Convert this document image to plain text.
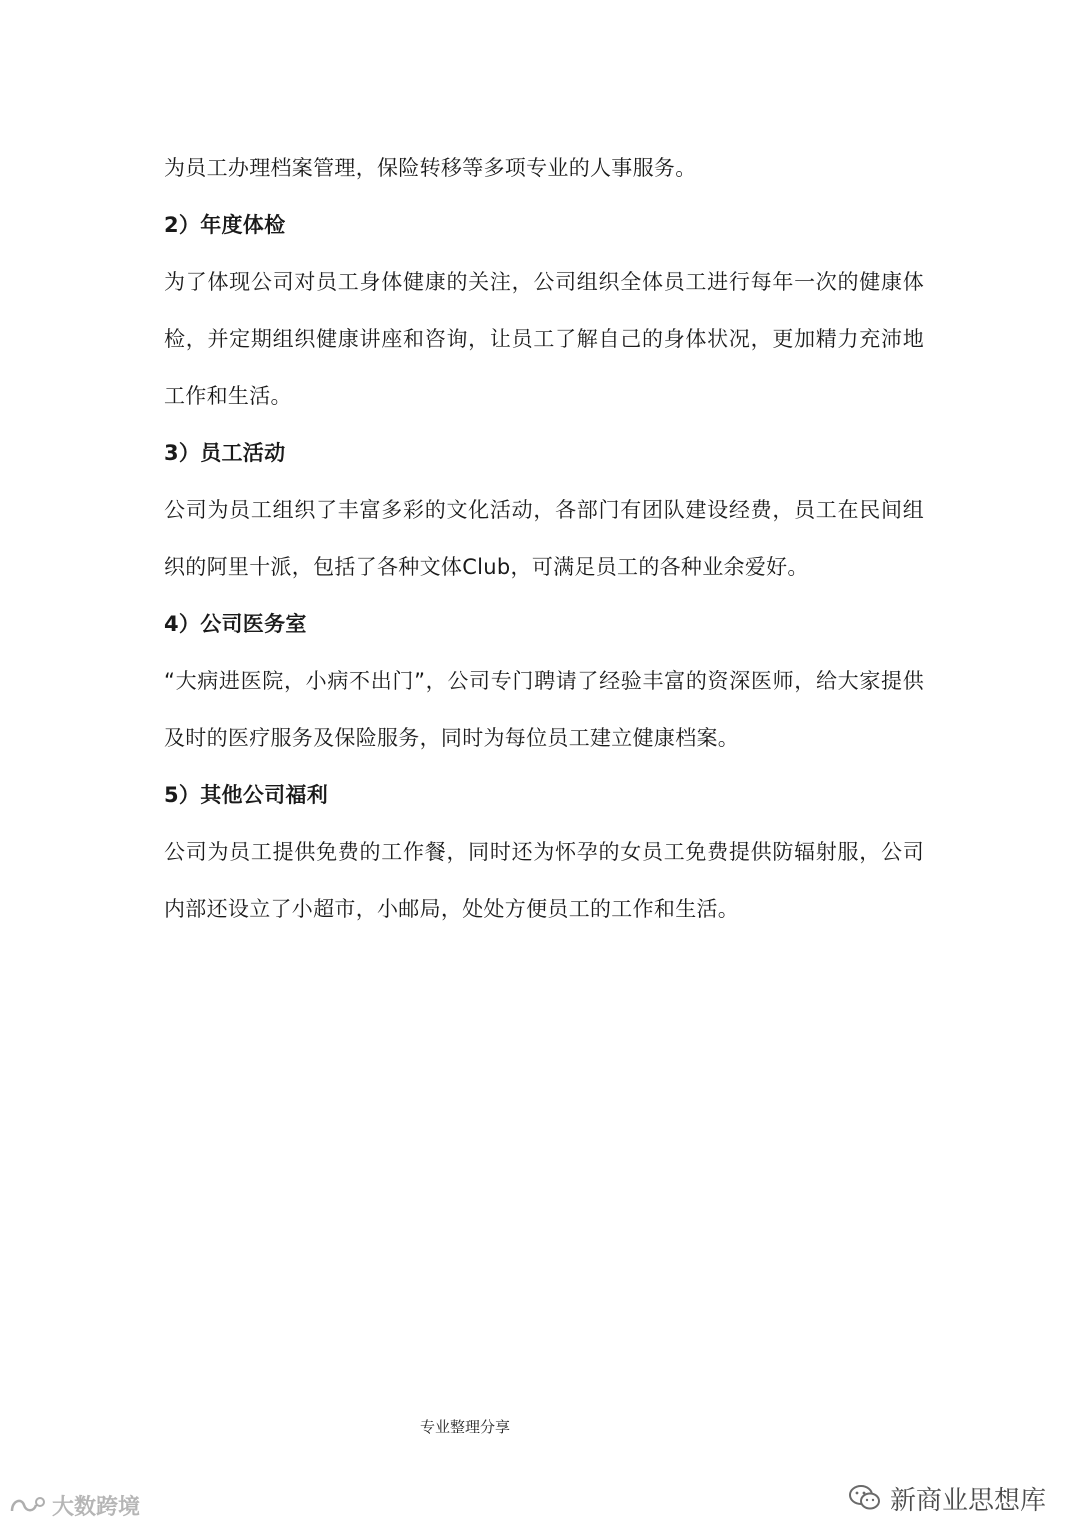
为员工办理档案管理，保险转移等多项专业的人事服务。

2）年度体检

为了体现公司对员工身体健康的关注，公司组织全体员工进行每年一次的健康体检，并定期组织健康讲座和咨询，让员工了解自己的身体状况，更加精力充沛地工作和生活。

3）员工活动

公司为员工组织了丰富多彩的文化活动，各部门有团队建设经费，员工在民间组织的阿里十派，包括了各种文体Club，可满足员工的各种业余爱好。

4）公司医务室

“大病进医院，小病不出门”，公司专门聘请了经验丰富的资深医师，给大家提供及时的医疗服务及保险服务，同时为每位员工建立健康档案。

5）其他公司福利

公司为员工提供免费的工作餐，同时还为怀孕的女员工免费提供防辐射服，公司内部还设立了小超市，小邮局，处处方便员工的工作和生活。

专业整理分享
大数跨境	新商业思想库
